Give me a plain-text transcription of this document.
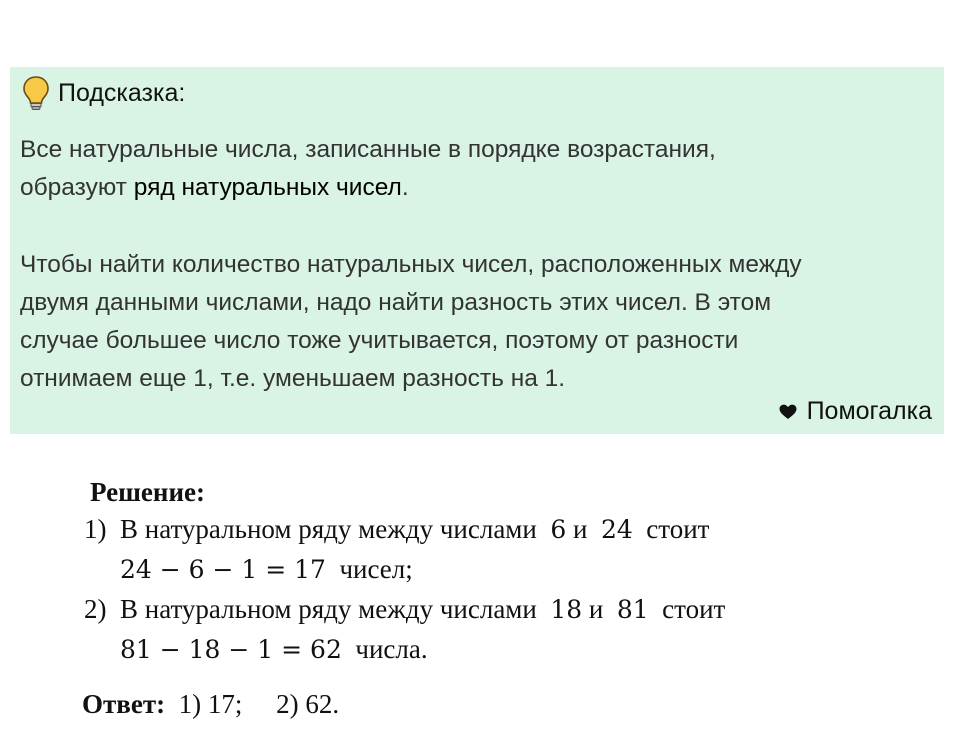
Подсказка:
Все натуральные числа, записанные в порядке возрастания,
образуют ряд натуральных чисел.
Чтобы найти количество натуральных чисел, расположенных между
двумя данными числами, надо найти разность этих чисел. В этом
случае большее число тоже учитывается, поэтому от разности
отнимаем еще 1, т.е. уменьшаем разность на 1.
Помогалка
Решение:
1) В натуральном ряду между числами 6 и 24 стоит
24 − 6 − 1 = 17 чисел;
2) В натуральном ряду между числами 18 и 81 стоит
81 − 18 − 1 = 62 числа.
Ответ: 1) 17; 2) 62.
